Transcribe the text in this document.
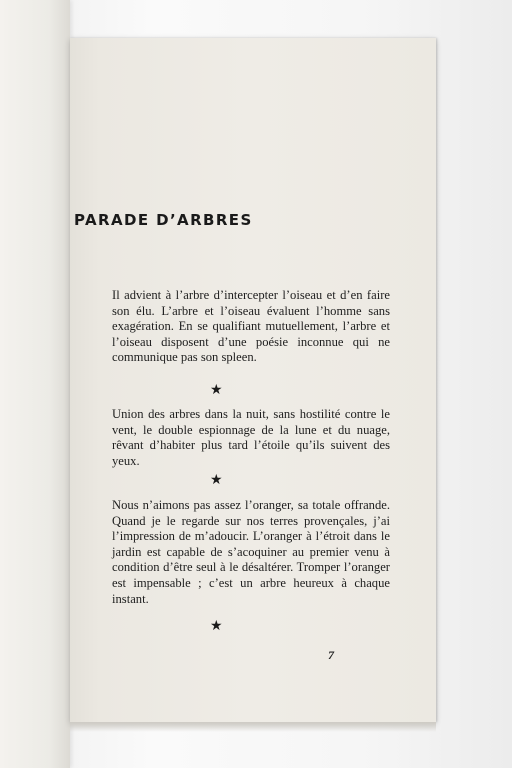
PARADE D’ARBRES

Il advient à l’arbre d’intercepter l’oiseau et d’en faire son élu. L’arbre et l’oiseau évaluent l’homme sans exagération. En se qualifiant mutuellement, l’arbre et l’oiseau disposent d’une poésie inconnue qui ne communique pas son spleen.

★

Union des arbres dans la nuit, sans hostilité contre le vent, le double espionnage de la lune et du nuage, rêvant d’habiter plus tard l’étoile qu’ils suivent des yeux.

★

Nous n’aimons pas assez l’oranger, sa totale offrande. Quand je le regarde sur nos terres provençales, j’ai l’impression de m’adoucir. L’oranger à l’étroit dans le jardin est capable de s’acoquiner au premier venu à condition d’être seul à le désaltérer. Tromper l’oranger est impensable ; c’est un arbre heureux à chaque instant.

★
7
